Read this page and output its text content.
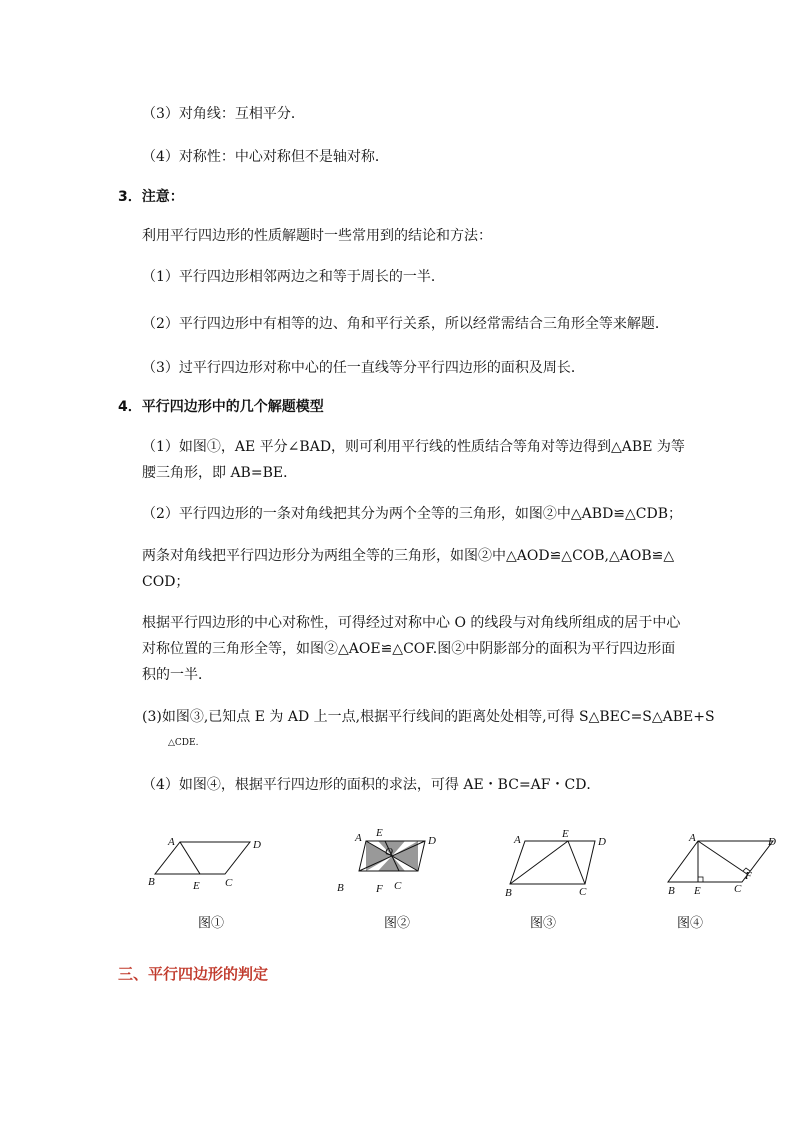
（3）对角线：互相平分．
（4）对称性：中心对称但不是轴对称．
3．注意：
利用平行四边形的性质解题时一些常用到的结论和方法：
（1）平行四边形相邻两边之和等于周长的一半．
（2）平行四边形中有相等的边、角和平行关系，所以经常需结合三角形全等来解题．
（3）过平行四边形对称中心的任一直线等分平行四边形的面积及周长．
4．平行四边形中的几个解题模型
（1）如图①，AE 平分∠BAD，则可利用平行线的性质结合等角对等边得到△ABE 为等
腰三角形，即 AB=BE．
（2）平行四边形的一条对角线把其分为两个全等的三角形，如图②中△ABD≌△CDB；
两条对角线把平行四边形分为两组全等的三角形，如图②中△AOD≌△COB,△AOB≌△
COD；
根据平行四边形的中心对称性，可得经过对称中心 O 的线段与对角线所组成的居于中心
对称位置的三角形全等，如图②△AOE≌△COF.图②中阴影部分的面积为平行四边形面
积的一半．
(3)如图③,已知点 E 为 AD 上一点,根据平行线间的距离处处相等,可得 S△BEC=S△ABE+S
△CDE.
（4）如图④，根据平行四边形的面积的求法，可得 AE・BC=AF・CD．
A	D
B	E C
图①
A E
O
D
B	F C
图②
A	E
D
B	C
图③
A	D
F
B E	C
图④
三、平行四边形的判定
